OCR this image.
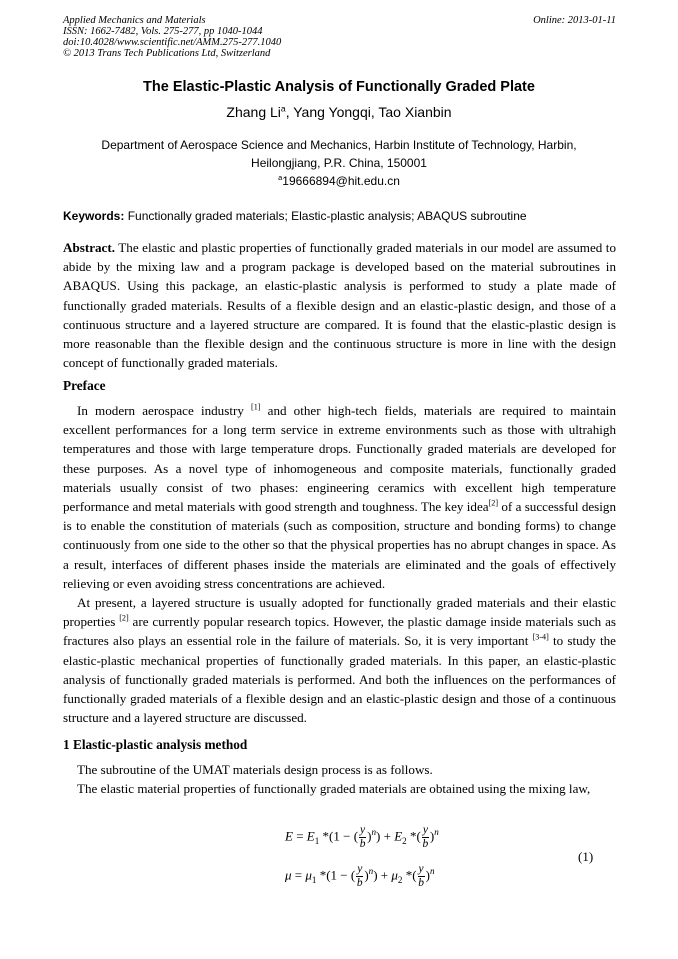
Applied Mechanics and Materials
ISSN: 1662-7482, Vols. 275-277, pp 1040-1044
doi:10.4028/www.scientific.net/AMM.275-277.1040
© 2013 Trans Tech Publications Ltd, Switzerland
Online: 2013-01-11
The Elastic-Plastic Analysis of Functionally Graded Plate
Zhang Li$^a$, Yang Yongqi, Tao Xianbin
Department of Aerospace Science and Mechanics, Harbin Institute of Technology, Harbin,
Heilongjiang, P.R. China, 150001
$^a$19666894@hit.edu.cn
Keywords: Functionally graded materials; Elastic-plastic analysis; ABAQUS subroutine

Abstract. The elastic and plastic properties of functionally graded materials in our model are assumed to abide by the mixing law and a program package is developed based on the material subroutines in ABAQUS. Using this package, an elastic-plastic analysis is performed to study a plate made of functionally graded materials. Results of a flexible design and an elastic-plastic design, and those of a continuous structure and a layered structure are compared. It is found that the elastic-plastic design is more reasonable than the flexible design and the continuous structure is more in line with the design concept of functionally graded materials.

Preface

In modern aerospace industry [1] and other high-tech fields, materials are required to maintain excellent performances for a long term service in extreme environments such as those with ultrahigh temperatures and those with large temperature drops. Functionally graded materials are developed for these purposes. As a novel type of inhomogeneous and composite materials, functionally graded materials usually consist of two phases: engineering ceramics with excellent high temperature performance and metal materials with good strength and toughness. The key idea[2] of a successful design is to enable the constitution of materials (such as composition, structure and bonding forms) to change continuously from one side to the other so that the physical properties has no abrupt changes in space. As a result, interfaces of different phases inside the materials are eliminated and the goals of effectively relieving or even avoiding stress concentrations are achieved.

At present, a layered structure is usually adopted for functionally graded materials and their elastic properties [2] are currently popular research topics. However, the plastic damage inside materials such as fractures also plays an essential role in the failure of materials. So, it is very important [3-4] to study the elastic-plastic mechanical properties of functionally graded materials. In this paper, an elastic-plastic analysis of functionally graded materials is performed. And both the influences on the performances of functionally graded materials of a flexible design and an elastic-plastic design and those of a continuous structure and a layered structure are discussed.

1 Elastic-plastic analysis method

The subroutine of the UMAT materials design process is as follows.

The elastic material properties of functionally graded materials are obtained using the mixing law,

$E = E_1$ *(1 − ( $\frac{y}{b} )^n) + E_2$ *( $\frac{y}{b} )^n$
$\mu = \mu_1$ *(1 − ( $\frac{y}{b} )^n) + \mu_2$ *( $\frac{y}{b} )^n$
(1)
